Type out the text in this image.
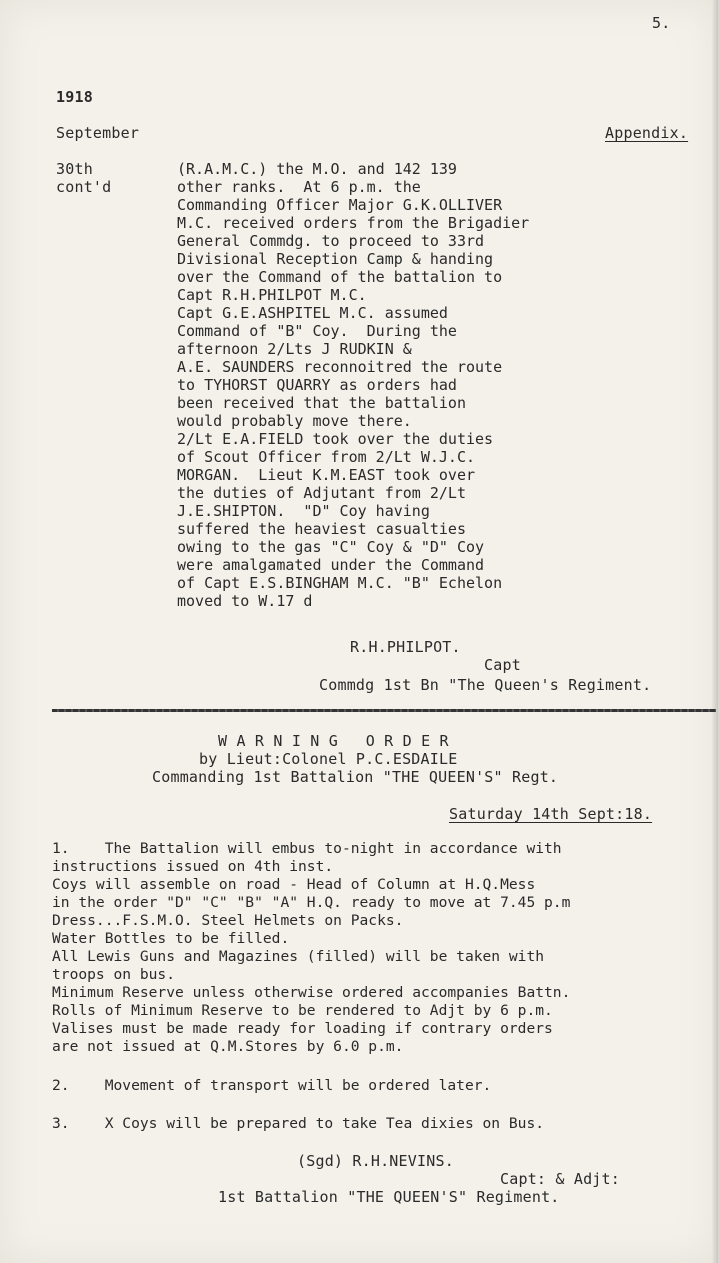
5.
1918
September	Appendix.
30th
cont'd
(R.A.M.C.) the M.O. and 142 139
other ranks.  At 6 p.m. the
Commanding Officer Major G.K.OLLIVER
M.C. received orders from the Brigadier
General Commdg. to proceed to 33rd
Divisional Reception Camp & handing
over the Command of the battalion to
Capt R.H.PHILPOT M.C.
Capt G.E.ASHPITEL M.C. assumed
Command of "B" Coy.  During the
afternoon 2/Lts J RUDKIN &
A.E. SAUNDERS reconnoitred the route
to TYHORST QUARRY as orders had
been received that the battalion
would probably move there.
2/Lt E.A.FIELD took over the duties
of Scout Officer from 2/Lt W.J.C.
MORGAN.  Lieut K.M.EAST took over
the duties of Adjutant from 2/Lt
J.E.SHIPTON.  "D" Coy having
suffered the heaviest casualties
owing to the gas "C" Coy & "D" Coy
were amalgamated under the Command
of Capt E.S.BINGHAM M.C. "B" Echelon
moved to W.17 d
R.H.PHILPOT.
Capt
Commdg 1st Bn "The Queen's Regiment.
W A R N I N G   O R D E R
by Lieut:Colonel P.C.ESDAILE
Commanding 1st Battalion "THE QUEEN'S" Regt.
Saturday 14th Sept:18.
1.    The Battalion will embus to-night in accordance with
instructions issued on 4th inst.
Coys will assemble on road - Head of Column at H.Q.Mess
in the order "D" "C" "B" "A" H.Q. ready to move at 7.45 p.m
Dress...F.S.M.O. Steel Helmets on Packs.
Water Bottles to be filled.
All Lewis Guns and Magazines (filled) will be taken with
troops on bus.
Minimum Reserve unless otherwise ordered accompanies Battn.
Rolls of Minimum Reserve to be rendered to Adjt by 6 p.m.
Valises must be made ready for loading if contrary orders
are not issued at Q.M.Stores by 6.0 p.m.
2.    Movement of transport will be ordered later.
3.    X Coys will be prepared to take Tea dixies on Bus.
(Sgd) R.H.NEVINS.
Capt: & Adjt:
1st Battalion "THE QUEEN'S" Regiment.
